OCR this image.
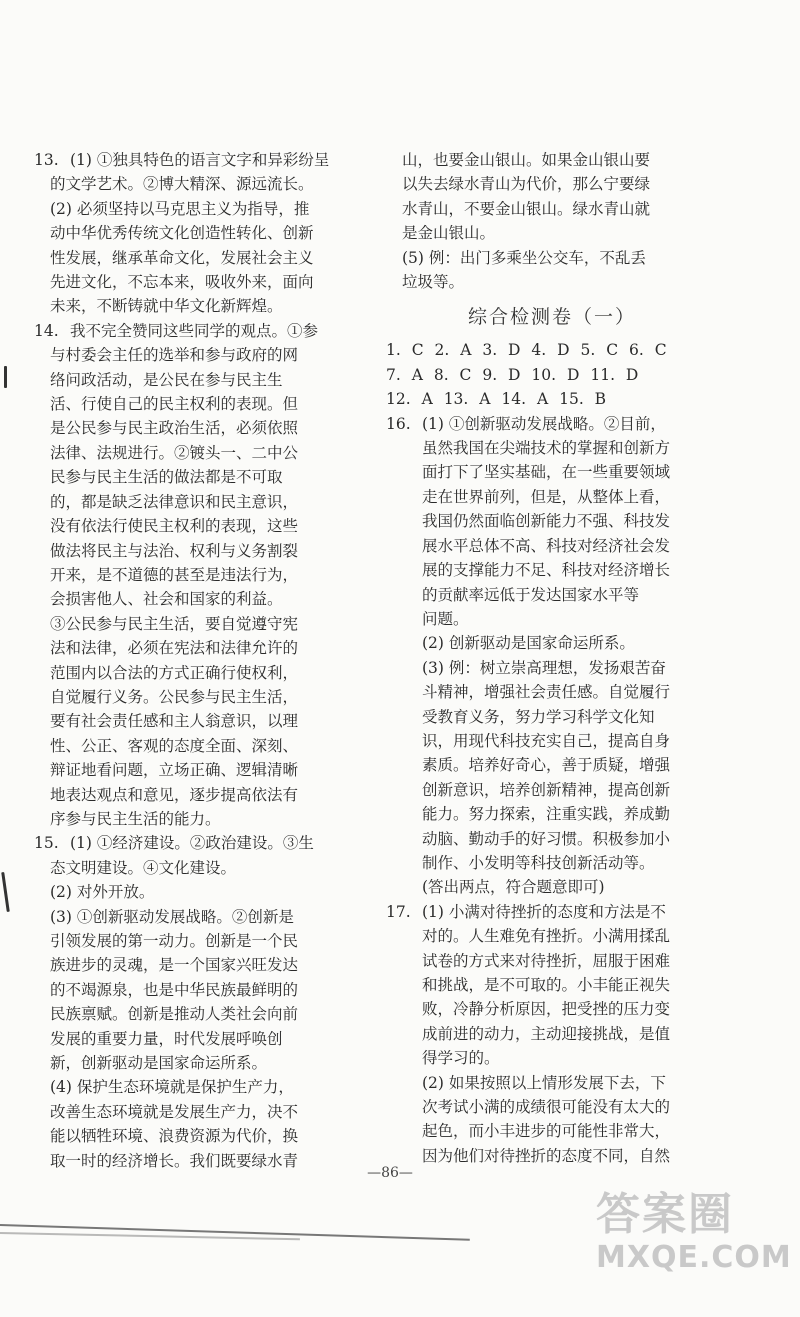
13. (1) ①独具特色的语言文字和异彩纷呈
的文学艺术。②博大精深、源远流长。
(2) 必须坚持以马克思主义为指导，推
动中华优秀传统文化创造性转化、创新
性发展，继承革命文化，发展社会主义
先进文化，不忘本来，吸收外来，面向
未来，不断铸就中华文化新辉煌。
14. 我不完全赞同这些同学的观点。①参
与村委会主任的选举和参与政府的网
络问政活动，是公民在参与民主生
活、行使自己的民主权利的表现。但
是公民参与民主政治生活，必须依照
法律、法规进行。②镀头一、二中公
民参与民主生活的做法都是不可取
的，都是缺乏法律意识和民主意识，
没有依法行使民主权利的表现，这些
做法将民主与法治、权利与义务割裂
开来，是不道德的甚至是违法行为，
会损害他人、社会和国家的利益。
③公民参与民主生活，要自觉遵守宪
法和法律，必须在宪法和法律允许的
范围内以合法的方式正确行使权利，
自觉履行义务。公民参与民主生活，
要有社会责任感和主人翁意识，以理
性、公正、客观的态度全面、深刻、
辩证地看问题，立场正确、逻辑清晰
地表达观点和意见，逐步提高依法有
序参与民主生活的能力。
15. (1) ①经济建设。②政治建设。③生
态文明建设。④文化建设。
(2) 对外开放。
(3) ①创新驱动发展战略。②创新是
引领发展的第一动力。创新是一个民
族进步的灵魂，是一个国家兴旺发达
的不竭源泉，也是中华民族最鲜明的
民族禀赋。创新是推动人类社会向前
发展的重要力量，时代发展呼唤创
新，创新驱动是国家命运所系。
(4) 保护生态环境就是保护生产力，
改善生态环境就是发展生产力，决不
能以牺牲环境、浪费资源为代价，换
取一时的经济增长。我们既要绿水青
山，也要金山银山。如果金山银山要
以失去绿水青山为代价，那么宁要绿
水青山，不要金山银山。绿水青山就
是金山银山。
(5) 例：出门多乘坐公交车，不乱丢
垃圾等。
综合检测卷（一）
1. C 2. A 3. D 4. D 5. C 6. C
7. A 8. C 9. D 10. D 11. D
12. A 13. A 14. A 15. B
16. (1) ①创新驱动发展战略。②目前，
虽然我国在尖端技术的掌握和创新方
面打下了坚实基础，在一些重要领域
走在世界前列，但是，从整体上看，
我国仍然面临创新能力不强、科技发
展水平总体不高、科技对经济社会发
展的支撑能力不足、科技对经济增长
的贡献率远低于发达国家水平等
问题。
(2) 创新驱动是国家命运所系。
(3) 例：树立崇高理想，发扬艰苦奋
斗精神，增强社会责任感。自觉履行
受教育义务，努力学习科学文化知
识，用现代科技充实自己，提高自身
素质。培养好奇心，善于质疑，增强
创新意识，培养创新精神，提高创新
能力。努力探索，注重实践，养成勤
动脑、勤动手的好习惯。积极参加小
制作、小发明等科技创新活动等。
(答出两点，符合题意即可)
17. (1) 小满对待挫折的态度和方法是不
对的。人生难免有挫折。小满用揉乱
试卷的方式来对待挫折，屈服于困难
和挑战，是不可取的。小丰能正视失
败，冷静分析原因，把受挫的压力变
成前进的动力，主动迎接挑战，是值
得学习的。
(2) 如果按照以上情形发展下去，下
次考试小满的成绩很可能没有太大的
起色，而小丰进步的可能性非常大，
因为他们对待挫折的态度不同，自然
—86—
答案圈
MXQE.COM
